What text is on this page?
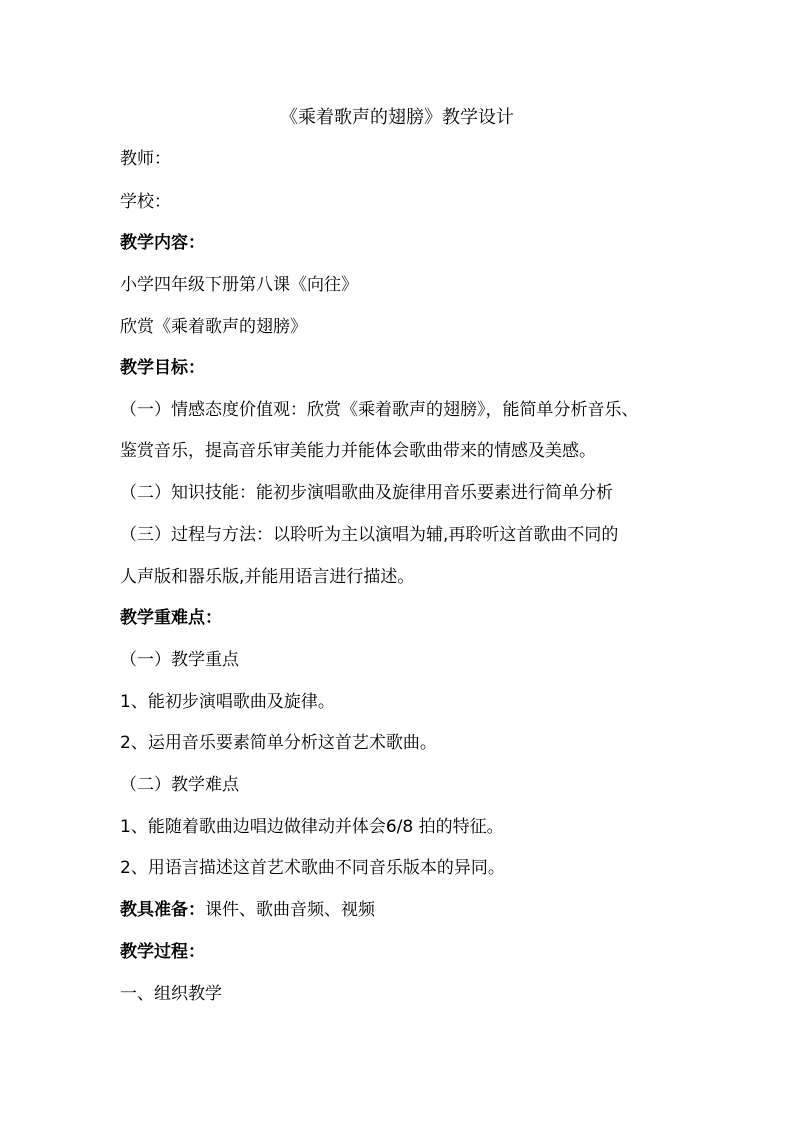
《乘着歌声的翅膀》教学设计
教师：
学校：
教学内容：
小学四年级下册第八课《向往》
欣赏《乘着歌声的翅膀》
教学目标：
（一）情感态度价值观：欣赏《乘着歌声的翅膀》，能简单分析音乐、
鉴赏音乐，提高音乐审美能力并能体会歌曲带来的情感及美感。
（二）知识技能：能初步演唱歌曲及旋律用音乐要素进行简单分析
（三）过程与方法：以聆听为主以演唱为辅,再聆听这首歌曲不同的
人声版和器乐版,并能用语言进行描述。
教学重难点：
（一）教学重点
1、能初步演唱歌曲及旋律。
2、运用音乐要素简单分析这首艺术歌曲。
（二）教学难点
1、能随着歌曲边唱边做律动并体会6/8 拍的特征。
2、用语言描述这首艺术歌曲不同音乐版本的异同。
教具准备：课件、歌曲音频、视频
教学过程：
一、组织教学
